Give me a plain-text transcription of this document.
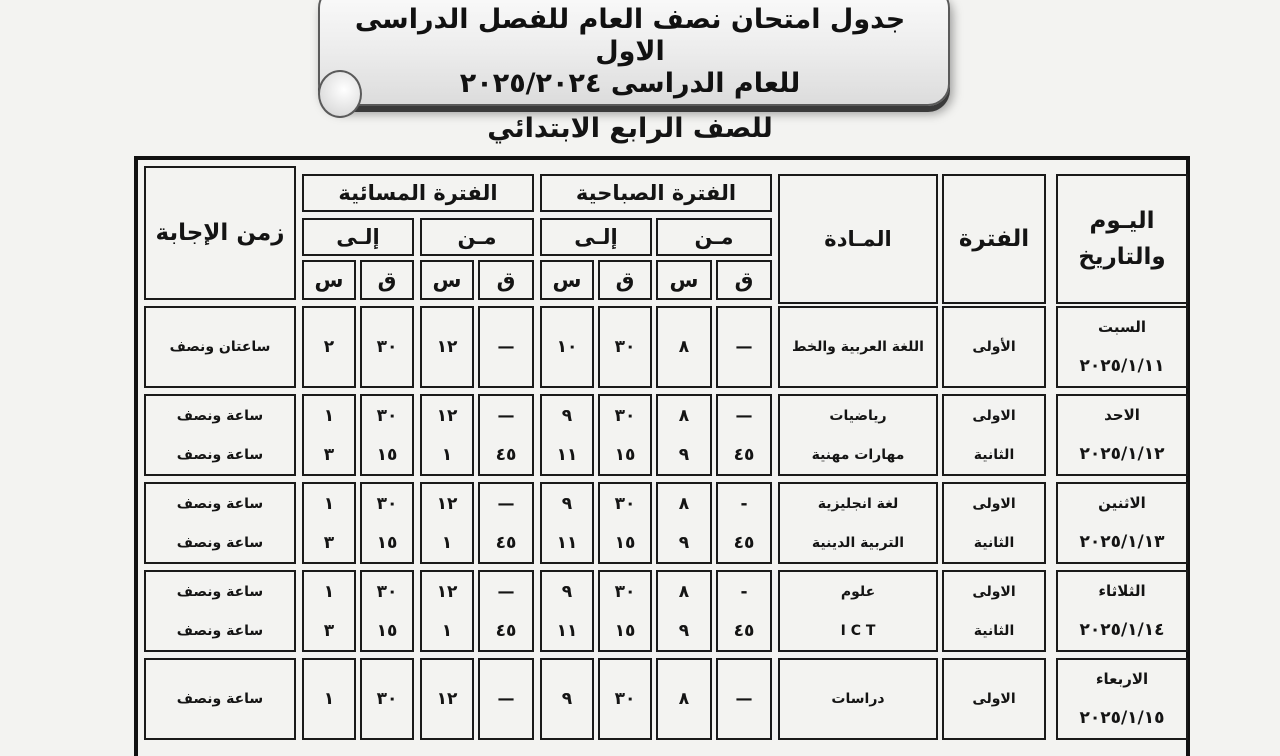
جدول امتحان نصف العام للفصل الدراسى الاول
للعام الدراسى ٢٠٢٥/٢٠٢٤
للصف الرابع الابتدائي
اليـوم والتاريخ
الفترة
المـادة
الفترة الصباحية
الفترة المسائية
مـن
إلـى
مـن
إلـى
ق
س
ق
س
ق
س
ق
س
زمن الإجابة
السبت
٢٠٢٥/١/١١
الأولى
اللغة العربية والخط
—
٨
٣٠
١٠
—
١٢
٣٠
٢
ساعتان ونصف
الاحد
٢٠٢٥/١/١٢
الاولى
الثانية
رياضيات
مهارات مهنية
—
٤٥
٨
٩
٣٠
١٥
٩
١١
—
٤٥
١٢
١
٣٠
١٥
١
٣
ساعة ونصف
ساعة ونصف
الاثنين
٢٠٢٥/١/١٣
الاولى
الثانية
لغة انجليزية
التربية الدينية
-
٤٥
٨
٩
٣٠
١٥
٩
١١
—
٤٥
١٢
١
٣٠
١٥
١
٣
ساعة ونصف
ساعة ونصف
الثلاثاء
٢٠٢٥/١/١٤
الاولى
الثانية
علوم
I C T
-
٤٥
٨
٩
٣٠
١٥
٩
١١
—
٤٥
١٢
١
٣٠
١٥
١
٣
ساعة ونصف
ساعة ونصف
الاربعاء
٢٠٢٥/١/١٥
الاولى
دراسات
—
٨
٣٠
٩
—
١٢
٣٠
١
ساعة ونصف
